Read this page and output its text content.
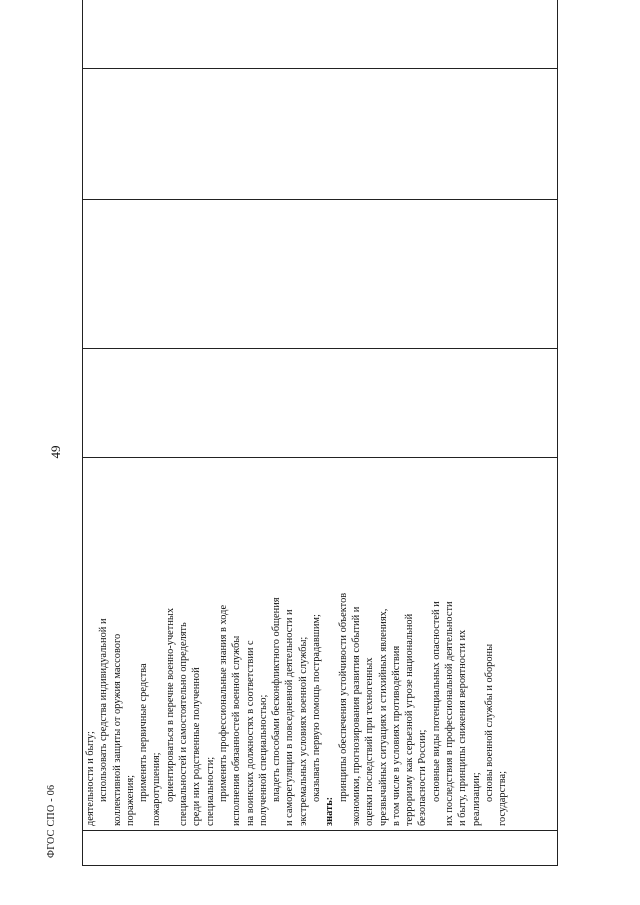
49

деятельности и быту; использовать средства индивидуальной и коллективной защиты от оружия массового поражения; применять первичные средства пожаротушения; ориентироваться в перечне военно-учетных специальностей и самостоятельно определять среди них родственные полученной специальности; применять профессиональные знания в ходе исполнения обязанностей военной службы на воинских должностях в соответствии с полученной специальностью; владеть способами бесконфликтного общения и саморегуляции в повседневной деятельности и экстремальных условиях военной службы; оказывать первую помощь пострадавшим;
знать:
принципы обеспечения устойчивости объектов экономики, прогнозирования развития событий и оценки последствий при техногенных чрезвычайных ситуациях и стихийных явлениях, в том числе в условиях противодействия терроризму как серьезной угрозе национальной безопасности России; основные виды потенциальных опасностей и их последствия в профессиональной деятельности и быту, принципы снижения вероятности их реализации; основы военной службы и обороны государства;

ФГОС СПО - 06
